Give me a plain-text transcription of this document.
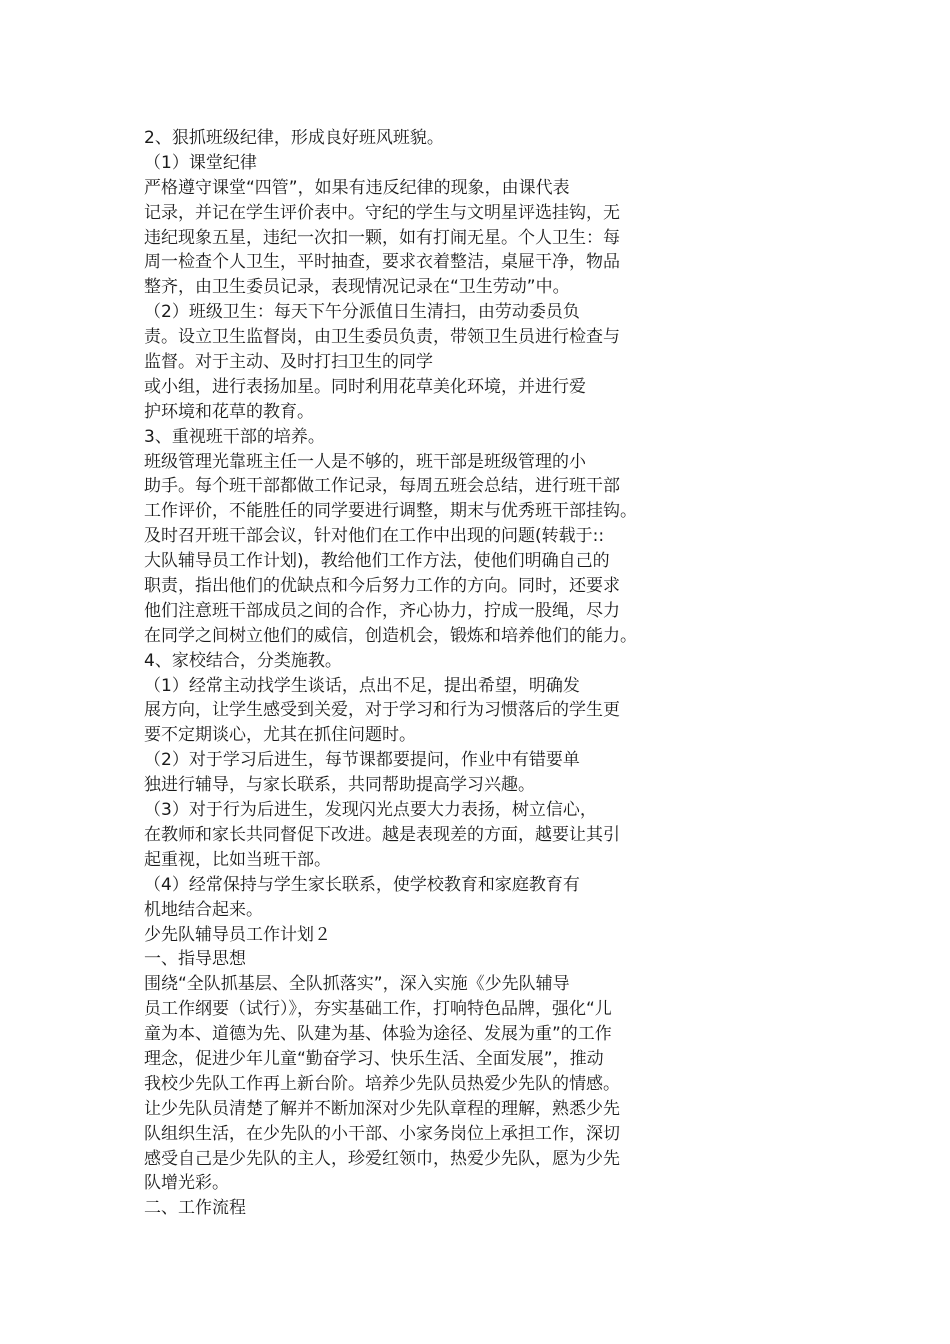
2、狠抓班级纪律，形成良好班风班貌。
（1）课堂纪律
严格遵守课堂“四管”，如果有违反纪律的现象，由课代表
记录，并记在学生评价表中。守纪的学生与文明星评选挂钩，无
违纪现象五星，违纪一次扣一颗，如有打闹无星。个人卫生：每
周一检查个人卫生，平时抽查，要求衣着整洁，桌屉干净，物品
整齐，由卫生委员记录，表现情况记录在“卫生劳动”中。
（2）班级卫生：每天下午分派值日生清扫，由劳动委员负
责。设立卫生监督岗，由卫生委员负责，带领卫生员进行检查与
监督。对于主动、及时打扫卫生的同学
或小组，进行表扬加星。同时利用花草美化环境，并进行爱
护环境和花草的教育。
3、重视班干部的培养。
班级管理光靠班主任一人是不够的，班干部是班级管理的小
助手。每个班干部都做工作记录，每周五班会总结，进行班干部
工作评价，不能胜任的同学要进行调整，期末与优秀班干部挂钩。
及时召开班干部会议，针对他们在工作中出现的问题(转载于::
大队辅导员工作计划)，教给他们工作方法，使他们明确自己的
职责，指出他们的优缺点和今后努力工作的方向。同时，还要求
他们注意班干部成员之间的合作，齐心协力，拧成一股绳，尽力
在同学之间树立他们的威信，创造机会，锻炼和培养他们的能力。
4、家校结合，分类施教。
（1）经常主动找学生谈话，点出不足，提出希望，明确发
展方向，让学生感受到关爱，对于学习和行为习惯落后的学生更
要不定期谈心，尤其在抓住问题时。
（2）对于学习后进生，每节课都要提问，作业中有错要单
独进行辅导，与家长联系，共同帮助提高学习兴趣。
（3）对于行为后进生，发现闪光点要大力表扬，树立信心，
在教师和家长共同督促下改进。越是表现差的方面，越要让其引
起重视，比如当班干部。
（4）经常保持与学生家长联系，使学校教育和家庭教育有
机地结合起来。
少先队辅导员工作计划２
一、指导思想
围绕“全队抓基层、全队抓落实”，深入实施《少先队辅导
员工作纲要（试行）》，夯实基础工作，打响特色品牌，强化“儿
童为本、道德为先、队建为基、体验为途径、发展为重”的工作
理念，促进少年儿童“勤奋学习、快乐生活、全面发展”，推动
我校少先队工作再上新台阶。培养少先队员热爱少先队的情感。
让少先队员清楚了解并不断加深对少先队章程的理解，熟悉少先
队组织生活，在少先队的小干部、小家务岗位上承担工作，深切
感受自己是少先队的主人，珍爱红领巾，热爱少先队，愿为少先
队增光彩。
二、工作流程
